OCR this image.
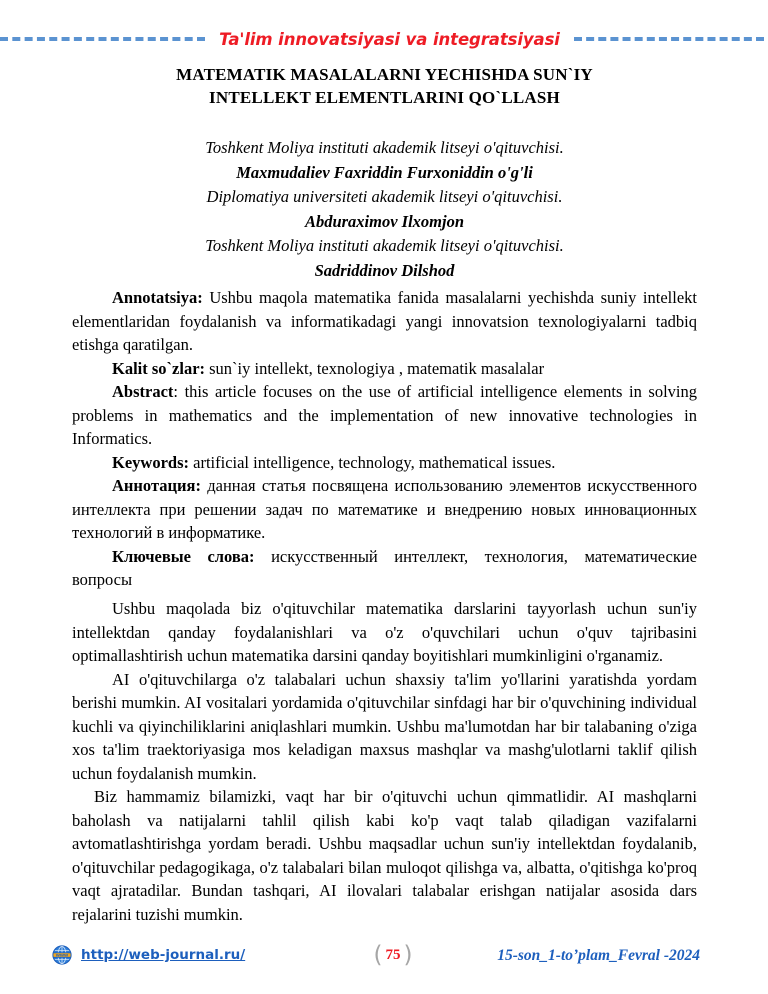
Ta'lim innovatsiyasi va integratsiyasi
MATEMATIK MASALALARNI YECHISHDA SUN`IY
INTELLEKT ELEMENTLARINI QO`LLASH
Toshkent Moliya instituti akademik litseyi o'qituvchisi.
Maxmudaliev Faxriddin Furxoniddin o'g'li
Diplomatiya universiteti akademik litseyi o'qituvchisi.
Abduraximov Ilxomjon
Toshkent Moliya instituti akademik litseyi o'qituvchisi.
Sadriddinov Dilshod

Annotatsiya: Ushbu maqola matematika fanida masalalarni yechishda suniy intellekt elementlaridan foydalanish va informatikadagi yangi innovatsion texnologiyalarni tadbiq etishga qaratilgan.

Kalit so`zlar: sun`iy intellekt, texnologiya , matematik masalalar

Abstract: this article focuses on the use of artificial intelligence elements in solving problems in mathematics and the implementation of new innovative technologies in Informatics.

Keywords: artificial intelligence, technology, mathematical issues.

Аннотация: данная статья посвящена использованию элементов искусственного интеллекта при решении задач по математике и внедрению новых инновационных технологий в информатике.

Ключевые слова: искусственный интеллект, технология, математические вопросы

Ushbu maqolada biz o'qituvchilar matematika darslarini tayyorlash uchun sun'iy intellektdan qanday foydalanishlari va o'z o'quvchilari uchun o'quv tajribasini optimallashtirish uchun matematika darsini qanday boyitishlari mumkinligini o'rganamiz.

AI o'qituvchilarga o'z talabalari uchun shaxsiy ta'lim yo'llarini yaratishda yordam berishi mumkin. AI vositalari yordamida o'qituvchilar sinfdagi har bir o'quvchining individual kuchli va qiyinchiliklarini aniqlashlari mumkin. Ushbu ma'lumotdan har bir talabaning o'ziga xos ta'lim traektoriyasiga mos keladigan maxsus mashqlar va mashg'ulotlarni taklif qilish uchun foydalanish mumkin.

Biz hammamiz bilamizki, vaqt har bir o'qituvchi uchun qimmatlidir. AI mashqlarni baholash va natijalarni tahlil qilish kabi ko'p vaqt talab qiladigan vazifalarni avtomatlashtirishga yordam beradi. Ushbu maqsadlar uchun sun'iy intellektdan foydalanib, o'qituvchilar pedagogikaga, o'z talabalari bilan muloqot qilishga va, albatta, o'qitishga ko'proq vaqt ajratadilar. Bundan tashqari, AI ilovalari talabalar erishgan natijalar asosida dars rejalarini tuzishi mumkin.

WWW http://web-journal.ru/	( 75 )	15-son_1-to’plam_Fevral -2024
